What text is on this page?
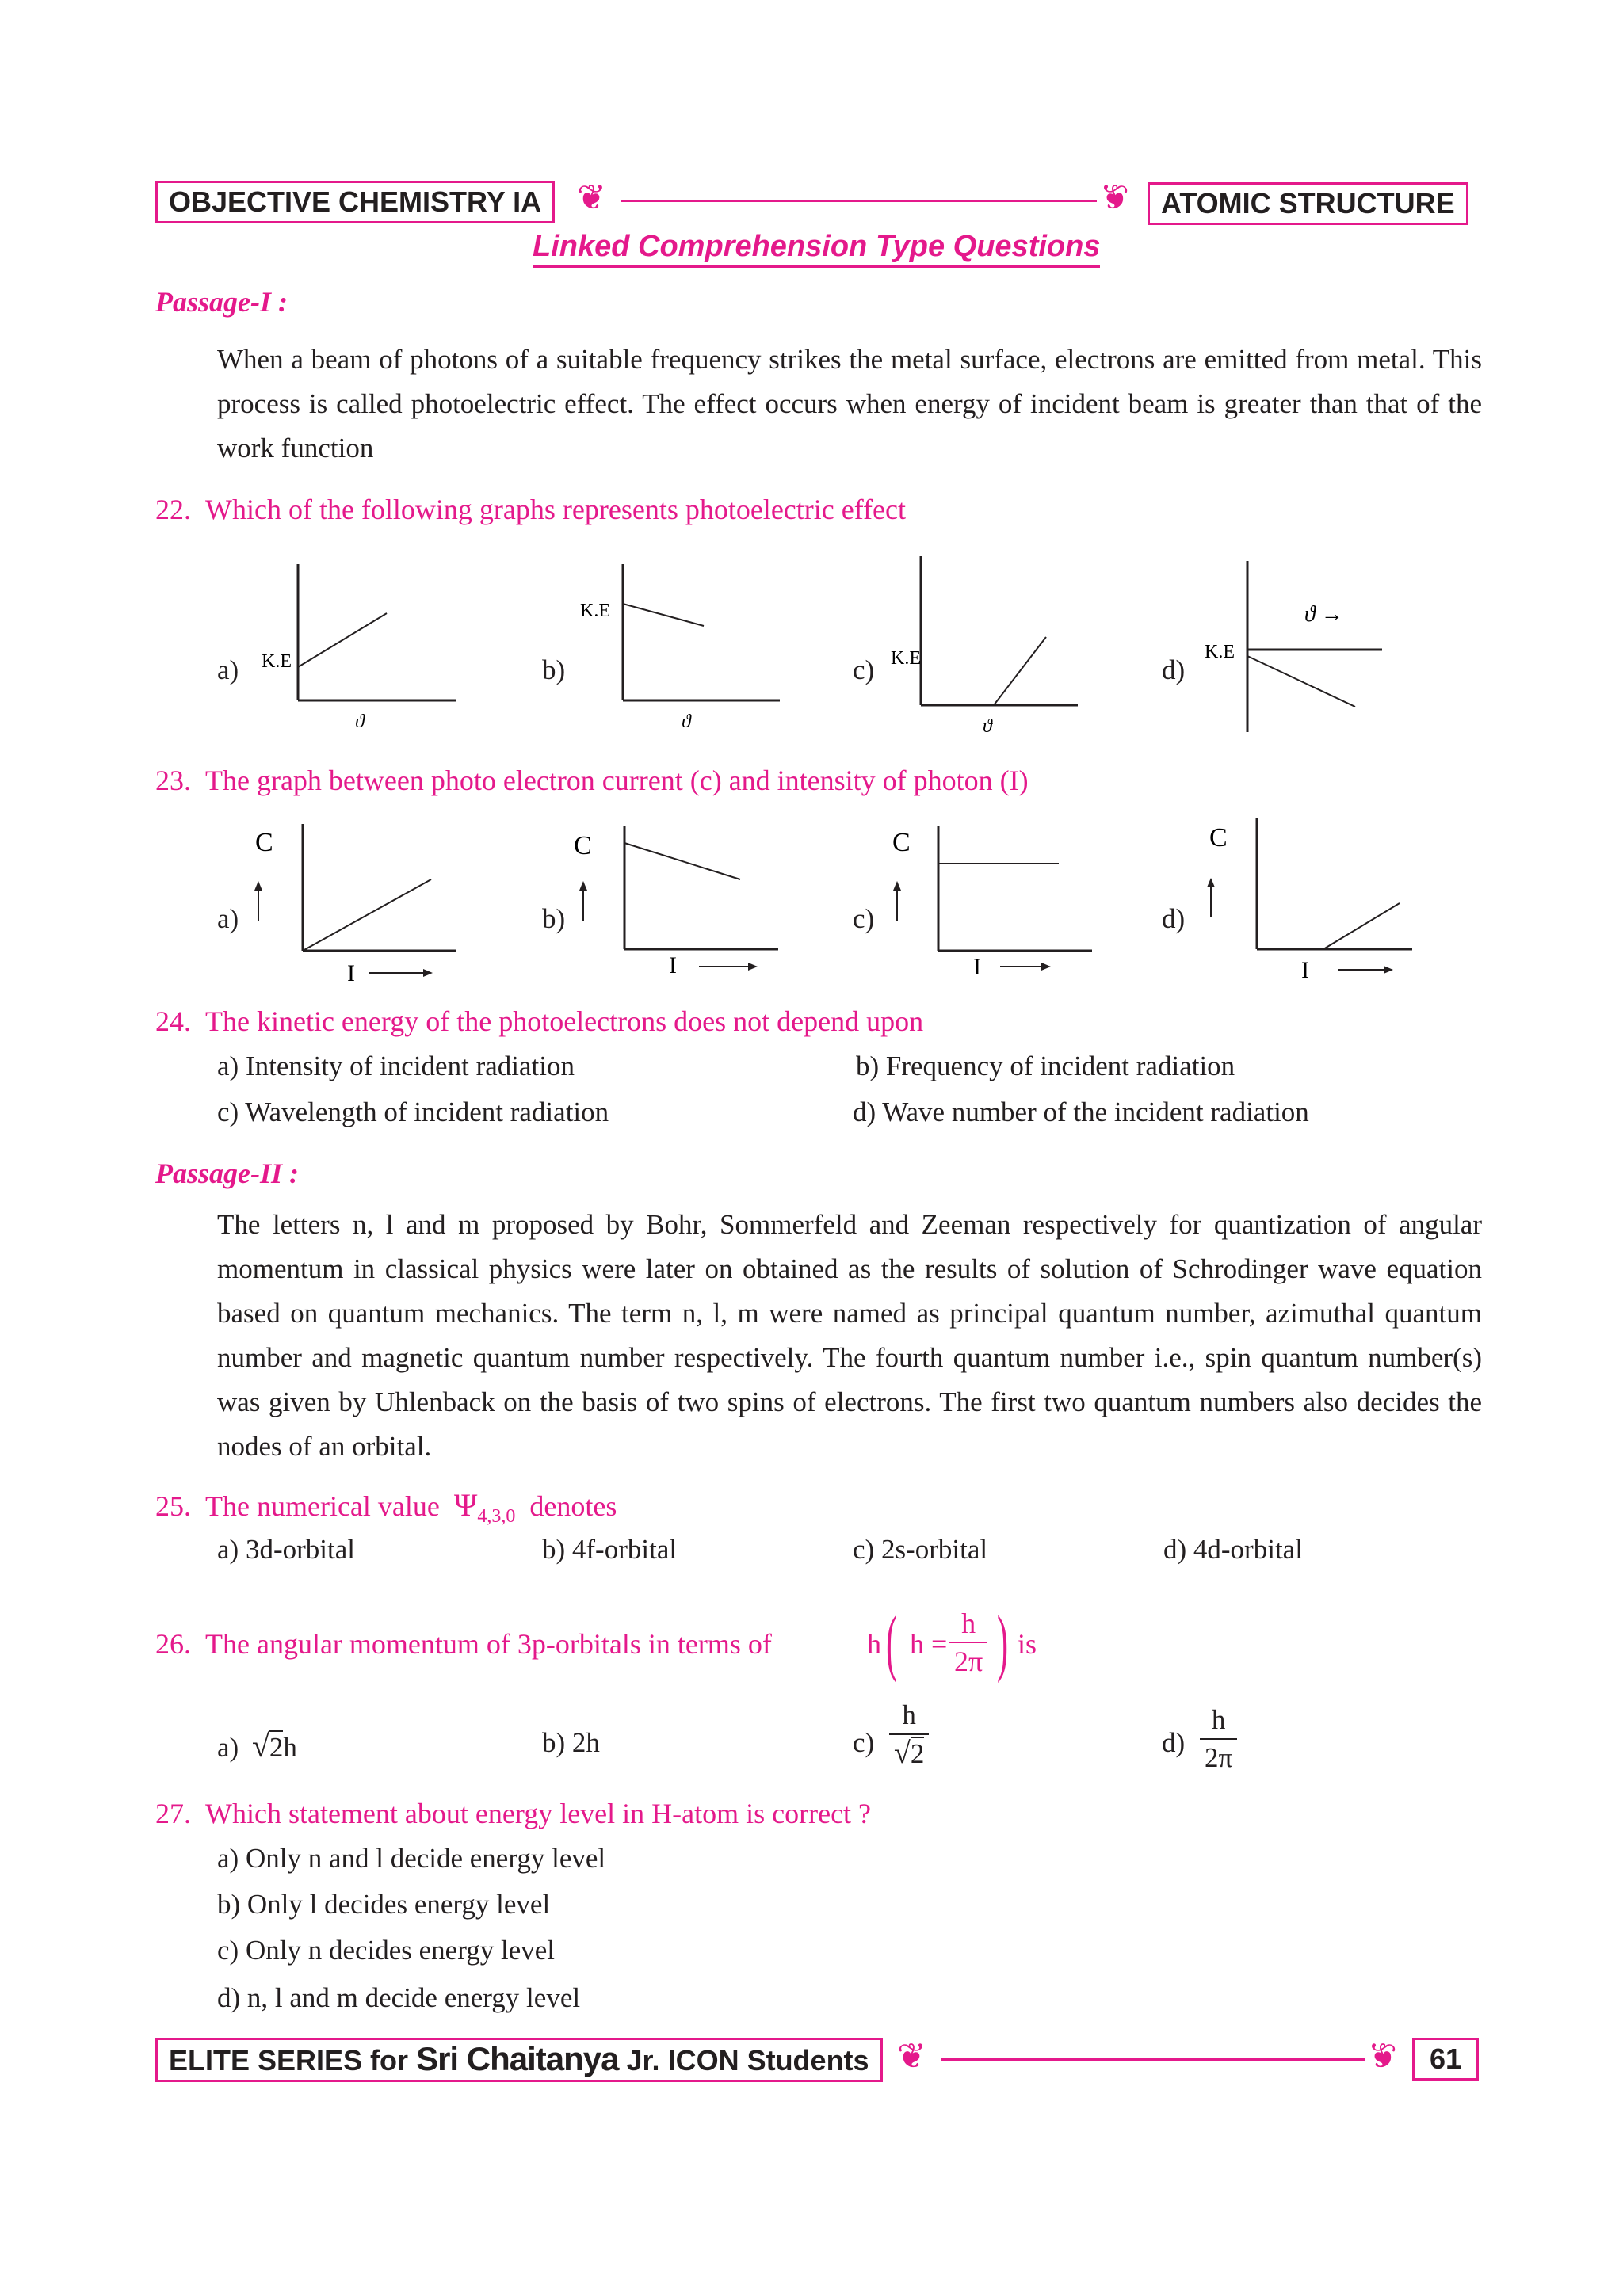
OBJECTIVE CHEMISTRY IA	❦	❦	ATOMIC STRUCTURE
Linked Comprehension Type Questions
Passage-I :
When a beam of photons of a suitable frequency strikes the metal surface, electrons are emitted from metal. This process is called photoelectric effect. The effect occurs when energy of incident beam is greater than that of the work function
22. Which of the following graphs represents photoelectric effect
a) K.E
ϑ
b)
K.E
ϑ
c) K.E
ϑ
d)
K.E
ϑ →
23. The graph between photo electron current (c) and intensity of photon (I)
a)
C
I
b)
C
I
c)
C
I
d)
C
I
24. The kinetic energy of the photoelectrons does not depend upon
a) Intensity of incident radiation	b) Frequency of incident radiation
c) Wavelength of incident radiation	d) Wave number of the incident radiation
Passage-II :
The letters n, l and m proposed by Bohr, Sommerfeld and Zeeman respectively for quantization of angular momentum in classical physics were later on obtained as the results of solution of Schrodinger wave equation based on quantum mechanics. The term n, l, m were named as principal quantum number, azimuthal quantum number and magnetic quantum number respectively. The fourth quantum number i.e., spin quantum number(s) was given by Uhlenback on the basis of two spins of electrons. The first two quantum numbers also decides the nodes of an orbital.
25. The numerical value $\Psi_{4,3,0}$ denotes
a) 3d-orbital	b) 4f-orbital	c) 2s-orbital	d) 4d-orbital
26. The angular momentum of 3p-orbitals in terms of	h ( $h = \frac{h}{2\pi}$ ) is
a) √2h	b) 2h	$c) \frac{h}{√2}$	$d) \frac{h}{2\pi}$
27. Which statement about energy level in H-atom is correct ?
a) Only n and l decide energy level
b) Only l decides energy level
c) Only n decides energy level
d) n, l and m decide energy level
ELITE SERIES for Sri Chaitanya Jr. ICON Students ❦	❦	61
